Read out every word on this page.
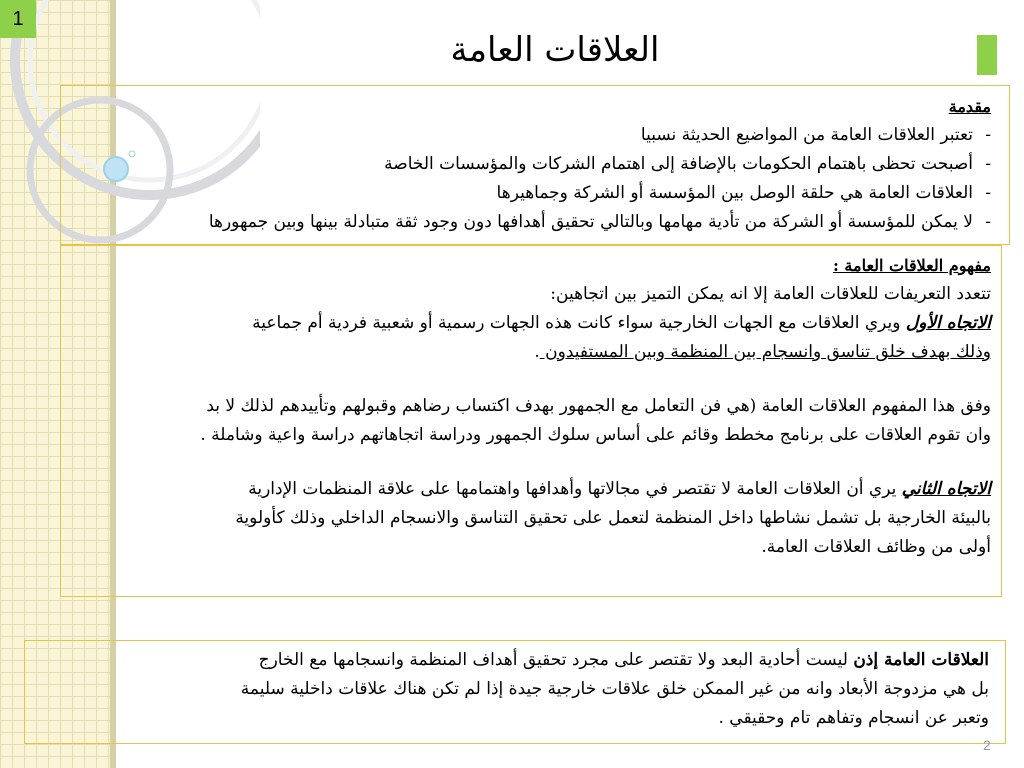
1
العلاقات العامة

مقدمة

-
تعتبر العلاقات العامة من المواضيع الحديثة نسبيا

-
أصبحت تحظى باهتمام الحكومات بالإضافة إلى اهتمام الشركات والمؤسسات الخاصة

-
العلاقات العامة هي حلقة الوصل بين المؤسسة أو الشركة وجماهيرها

-
لا يمكن للمؤسسة أو الشركة من تأدية مهامها وبالتالي تحقيق أهدافها دون وجود ثقة متبادلة بينها وبين جمهورها

مفهوم العلاقات العامة :

تتعدد التعريفات للعلاقات العامة إلا انه يمكن التميز بين اتجاهين:

الاتجاه الأول ويري العلاقات مع الجهات الخارجية سواء كانت هذه الجهات رسمية أو شعبية فردية أم جماعية

وذلك بهدف خلق تناسق وانسجام بين المنظمة وبين المستفيدون .

وفق هذا المفهوم العلاقات العامة (هي فن التعامل مع الجمهور بهدف اكتساب رضاهم وقبولهم وتأييدهم لذلك لا بد

وان تقوم العلاقات على برنامج مخطط وقائم على أساس سلوك الجمهور ودراسة اتجاهاتهم دراسة واعية وشاملة .

الاتجاه الثاني يري أن العلاقات العامة لا تقتصر في مجالاتها وأهدافها واهتمامها على علاقة المنظمات الإدارية

بالبيئة الخارجية بل تشمل نشاطها داخل المنظمة لتعمل على تحقيق التناسق والانسجام الداخلي وذلك كأولوية

أولى من وظائف العلاقات العامة.

العلاقات العامة إذن ليست أحادية البعد ولا تقتصر على مجرد تحقيق أهداف المنظمة وانسجامها مع الخارج

بل هي مزدوجة الأبعاد وانه من غير الممكن خلق علاقات خارجية جيدة إذا لم تكن هناك علاقات داخلية سليمة

وتعبر عن انسجام وتفاهم تام وحقيقي .

2
